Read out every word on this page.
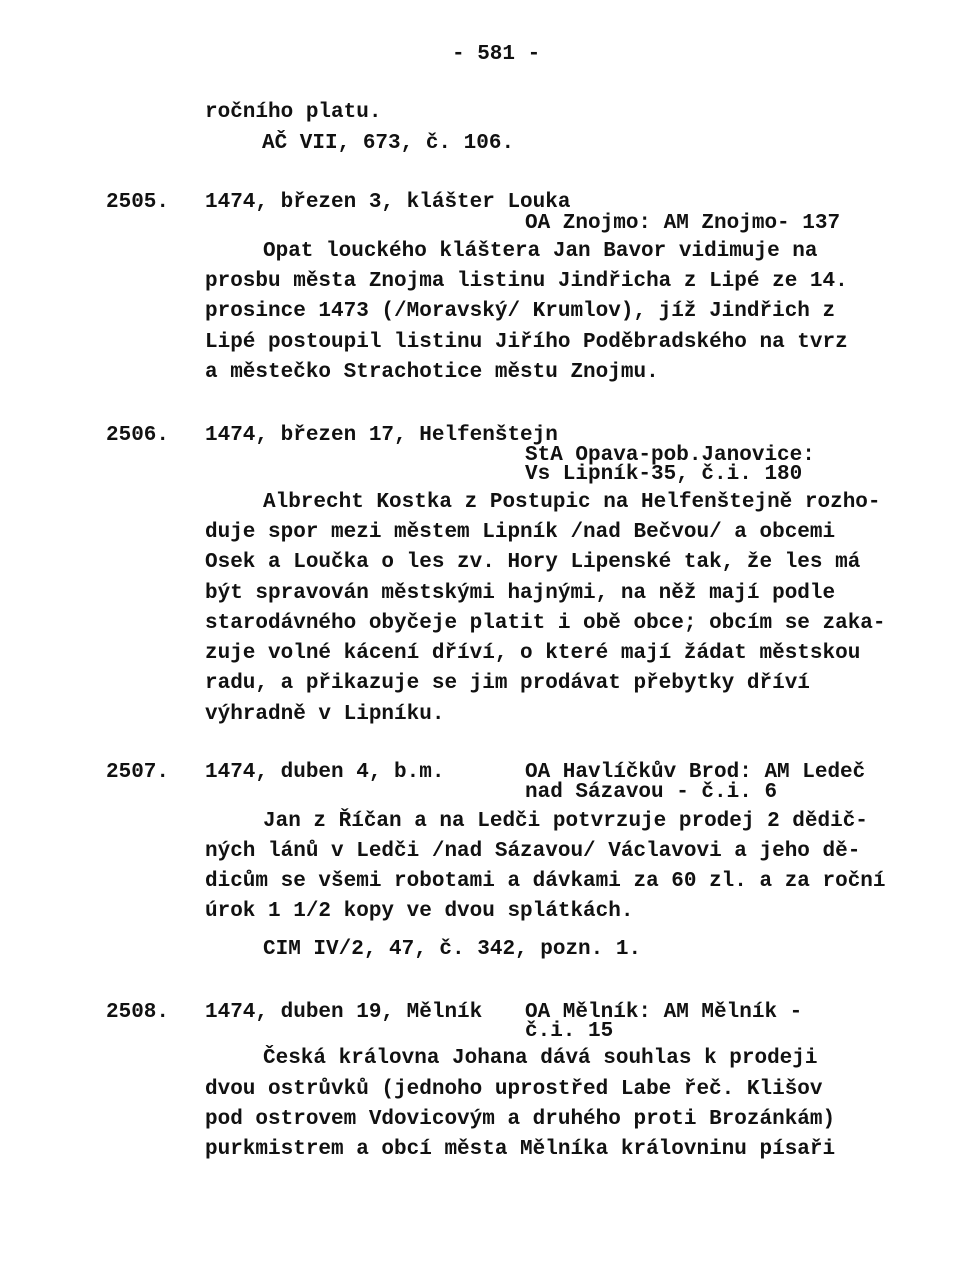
- 581 -
ročního platu.
AČ VII, 673, č. 106.
2505. 1474, březen 3, klášter Louka
OA Znojmo: AM Znojmo- 137
Opat louckého kláštera Jan Bavor vidimuje na
prosbu města Znojma listinu Jindřicha z Lipé ze 14.
prosince 1473 (/Moravský/ Krumlov), jíž Jindřich z
Lipé postoupil listinu Jiřího Poděbradského na tvrz
a městečko Strachotice městu Znojmu.
2506. 1474, březen 17, Helfenštejn
StA Opava-pob.Janovice:
Vs Lipník-35, č.i. 180
Albrecht Kostka z Postupic na Helfenštejně rozho-
duje spor mezi městem Lipník /nad Bečvou/ a obcemi
Osek a Loučka o les zv. Hory Lipenské tak, že les má
být spravován městskými hajnými, na něž mají podle
starodávného obyčeje platit i obě obce; obcím se zaka-
zuje volné kácení dříví, o které mají žádat městskou
radu, a přikazuje se jim prodávat přebytky dříví
výhradně v Lipníku.
2507. 1474, duben 4, b.m.	OA Havlíčkův Brod: AM Ledeč
nad Sázavou - č.i. 6
Jan z Říčan a na Ledči potvrzuje prodej 2 dědič-
ných lánů v Ledči /nad Sázavou/ Václavovi a jeho dě-
dicům se všemi robotami a dávkami za 60 zl. a za roční
úrok 1 1/2 kopy ve dvou splátkách.
CIM IV/2, 47, č. 342, pozn. 1.
2508. 1474, duben 19, Mělník OA Mělník: AM Mělník -
č.i. 15
Česká královna Johana dává souhlas k prodeji
dvou ostrůvků (jednoho uprostřed Labe řeč. Klišov
pod ostrovem Vdovicovým a druhého proti Brozánkám)
purkmistrem a obcí města Mělníka královninu písaři
